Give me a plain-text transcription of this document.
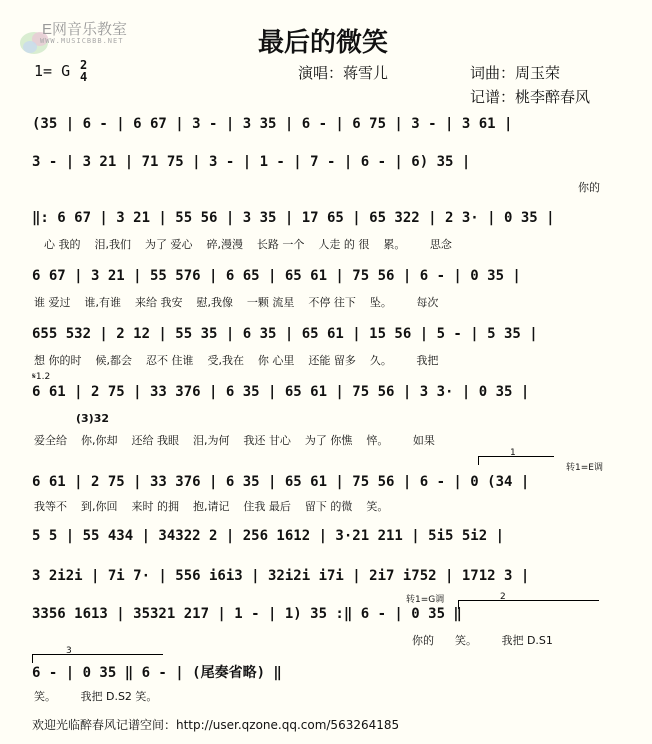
E网音乐教室
WWW.MUSICBBB.NET	最后的微笑
1= G 2
4	演唱：蒋雪儿	词曲：周玉荣
记谱：桃李醉春风
(35 | 6 - | 6 67 | 3 - | 3 35 | 6 - | 6 75 | 3 - | 3 61 |
3 - | 3 21 | 71 75 | 3 - | 1 - | 7 - | 6 - | 6) 35 |
你的
‖: 6 67 | 3 21 | 55 56 | 3 35 | 17 65 | 65 322 | 2 3· | 0 35 |
心 我的    泪,我们    为了 爱心    碎,漫漫    长路 一个    人走 的 很    累。       思念
6 67 | 3 21 | 55 576 | 6 65 | 65 61 | 75 56 | 6 - | 0 35 |
谁 爱过    谁,有谁    来给 我安    慰,我像    一颗 流星    不停 往下    坠。       每次
655 532 | 2 12 | 55 35 | 6 35 | 65 61 | 15 56 | 5 - | 5 35 |
想 你的时    候,都会    忍不 住谁    受,我在    你 心里    还能 留多    久。       我把
𝄋1.2
6 61 | 2 75 | 33 376 | 6 35 | 65 61 | 75 56 | 3 3· | 0 35 |
(3)32
爱全给    你,你却    还给 我眼    泪,为何    我还 甘心    为了 你憔    悴。       如果
1
转1=E调
6 61 | 2 75 | 33 376 | 6 35 | 65 61 | 75 56 | 6 - | 0 (34 |
我等不    到,你回    来时 的拥    抱,请记    住我 最后    留下 的微    笑。
5 5 | 55 434 | 34322 2 | 256 1612 | 3·21 211 | 5i5 5i2 |
3 2i2i | 7i 7· | 556 i6i3 | 32i2i i7i | 2i7 i752 | 1712 3 |
转1=G调	2
3356 1613 | 35321 217 | 1 - | 1) 35 :‖ 6 - | 0 35 ‖
你的      笑。       我把 D.S1
3
6 - | 0 35 ‖ 6 - | (尾奏省略) ‖
笑。       我把 D.S2 笑。
欢迎光临醉春风记谱空间：http://user.qzone.qq.com/563264185
